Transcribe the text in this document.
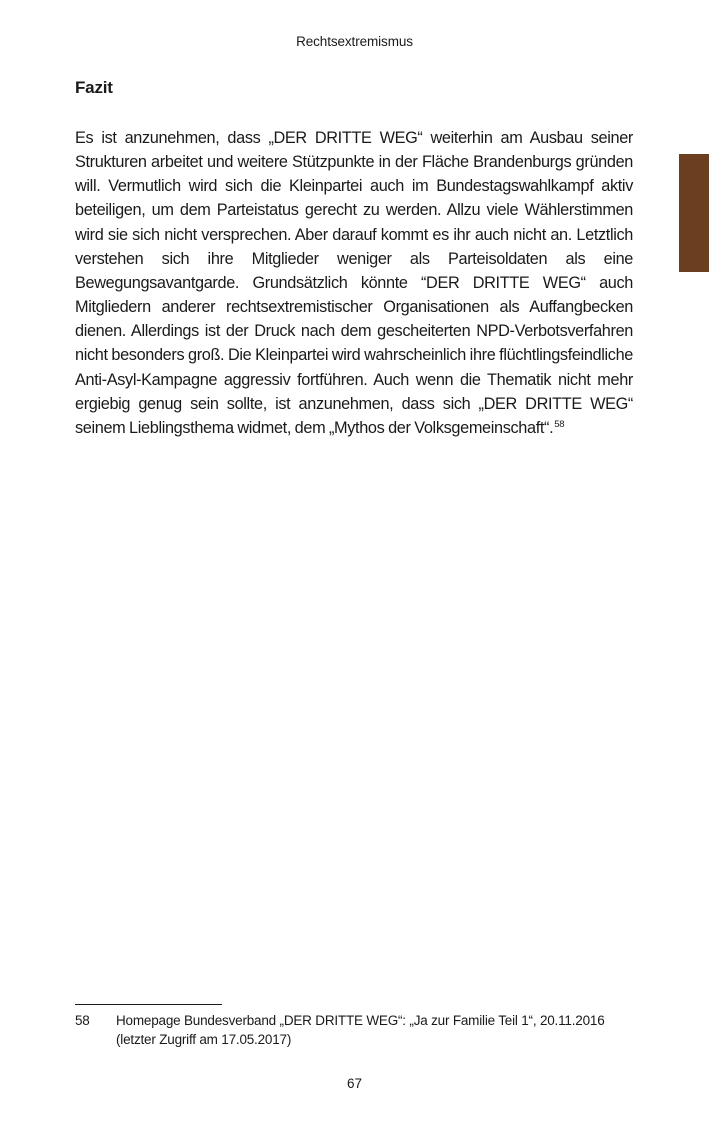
Rechtsextremismus
Fazit

Es ist anzunehmen, dass „DER DRITTE WEG“ weiterhin am Ausbau seiner Strukturen arbeitet und weitere Stützpunkte in der Fläche Brandenburgs gründen will. Vermutlich wird sich die Kleinpartei auch im Bundestagswahlkampf aktiv beteiligen, um dem Parteistatus gerecht zu werden. Allzu viele Wählerstimmen wird sie sich nicht versprechen. Aber darauf kommt es ihr auch nicht an. Letztlich verstehen sich ihre Mitglieder weniger als Parteisoldaten als eine Bewegungsavantgarde. Grundsätzlich könnte “DER DRITTE WEG“ auch Mitgliedern anderer rechtsextremistischer Organisationen als Auffangbecken dienen. Allerdings ist der Druck nach dem gescheiterten NPD-Verbotsverfahren nicht besonders groß. Die Kleinpartei wird wahrscheinlich ihre flüchtlingsfeindliche Anti-Asyl-Kampagne aggressiv fortführen. Auch wenn die Thematik nicht mehr ergiebig genug sein sollte, ist anzunehmen, dass sich „DER DRITTE WEG“ seinem Lieblingsthema widmet, dem „Mythos der Volksgemeinschaft“.$^{58}$

58 Homepage Bundesverband „DER DRITTE WEG“: „Ja zur Familie Teil 1“, 20.11.2016
(letzter Zugriff am 17.05.2017)
67
